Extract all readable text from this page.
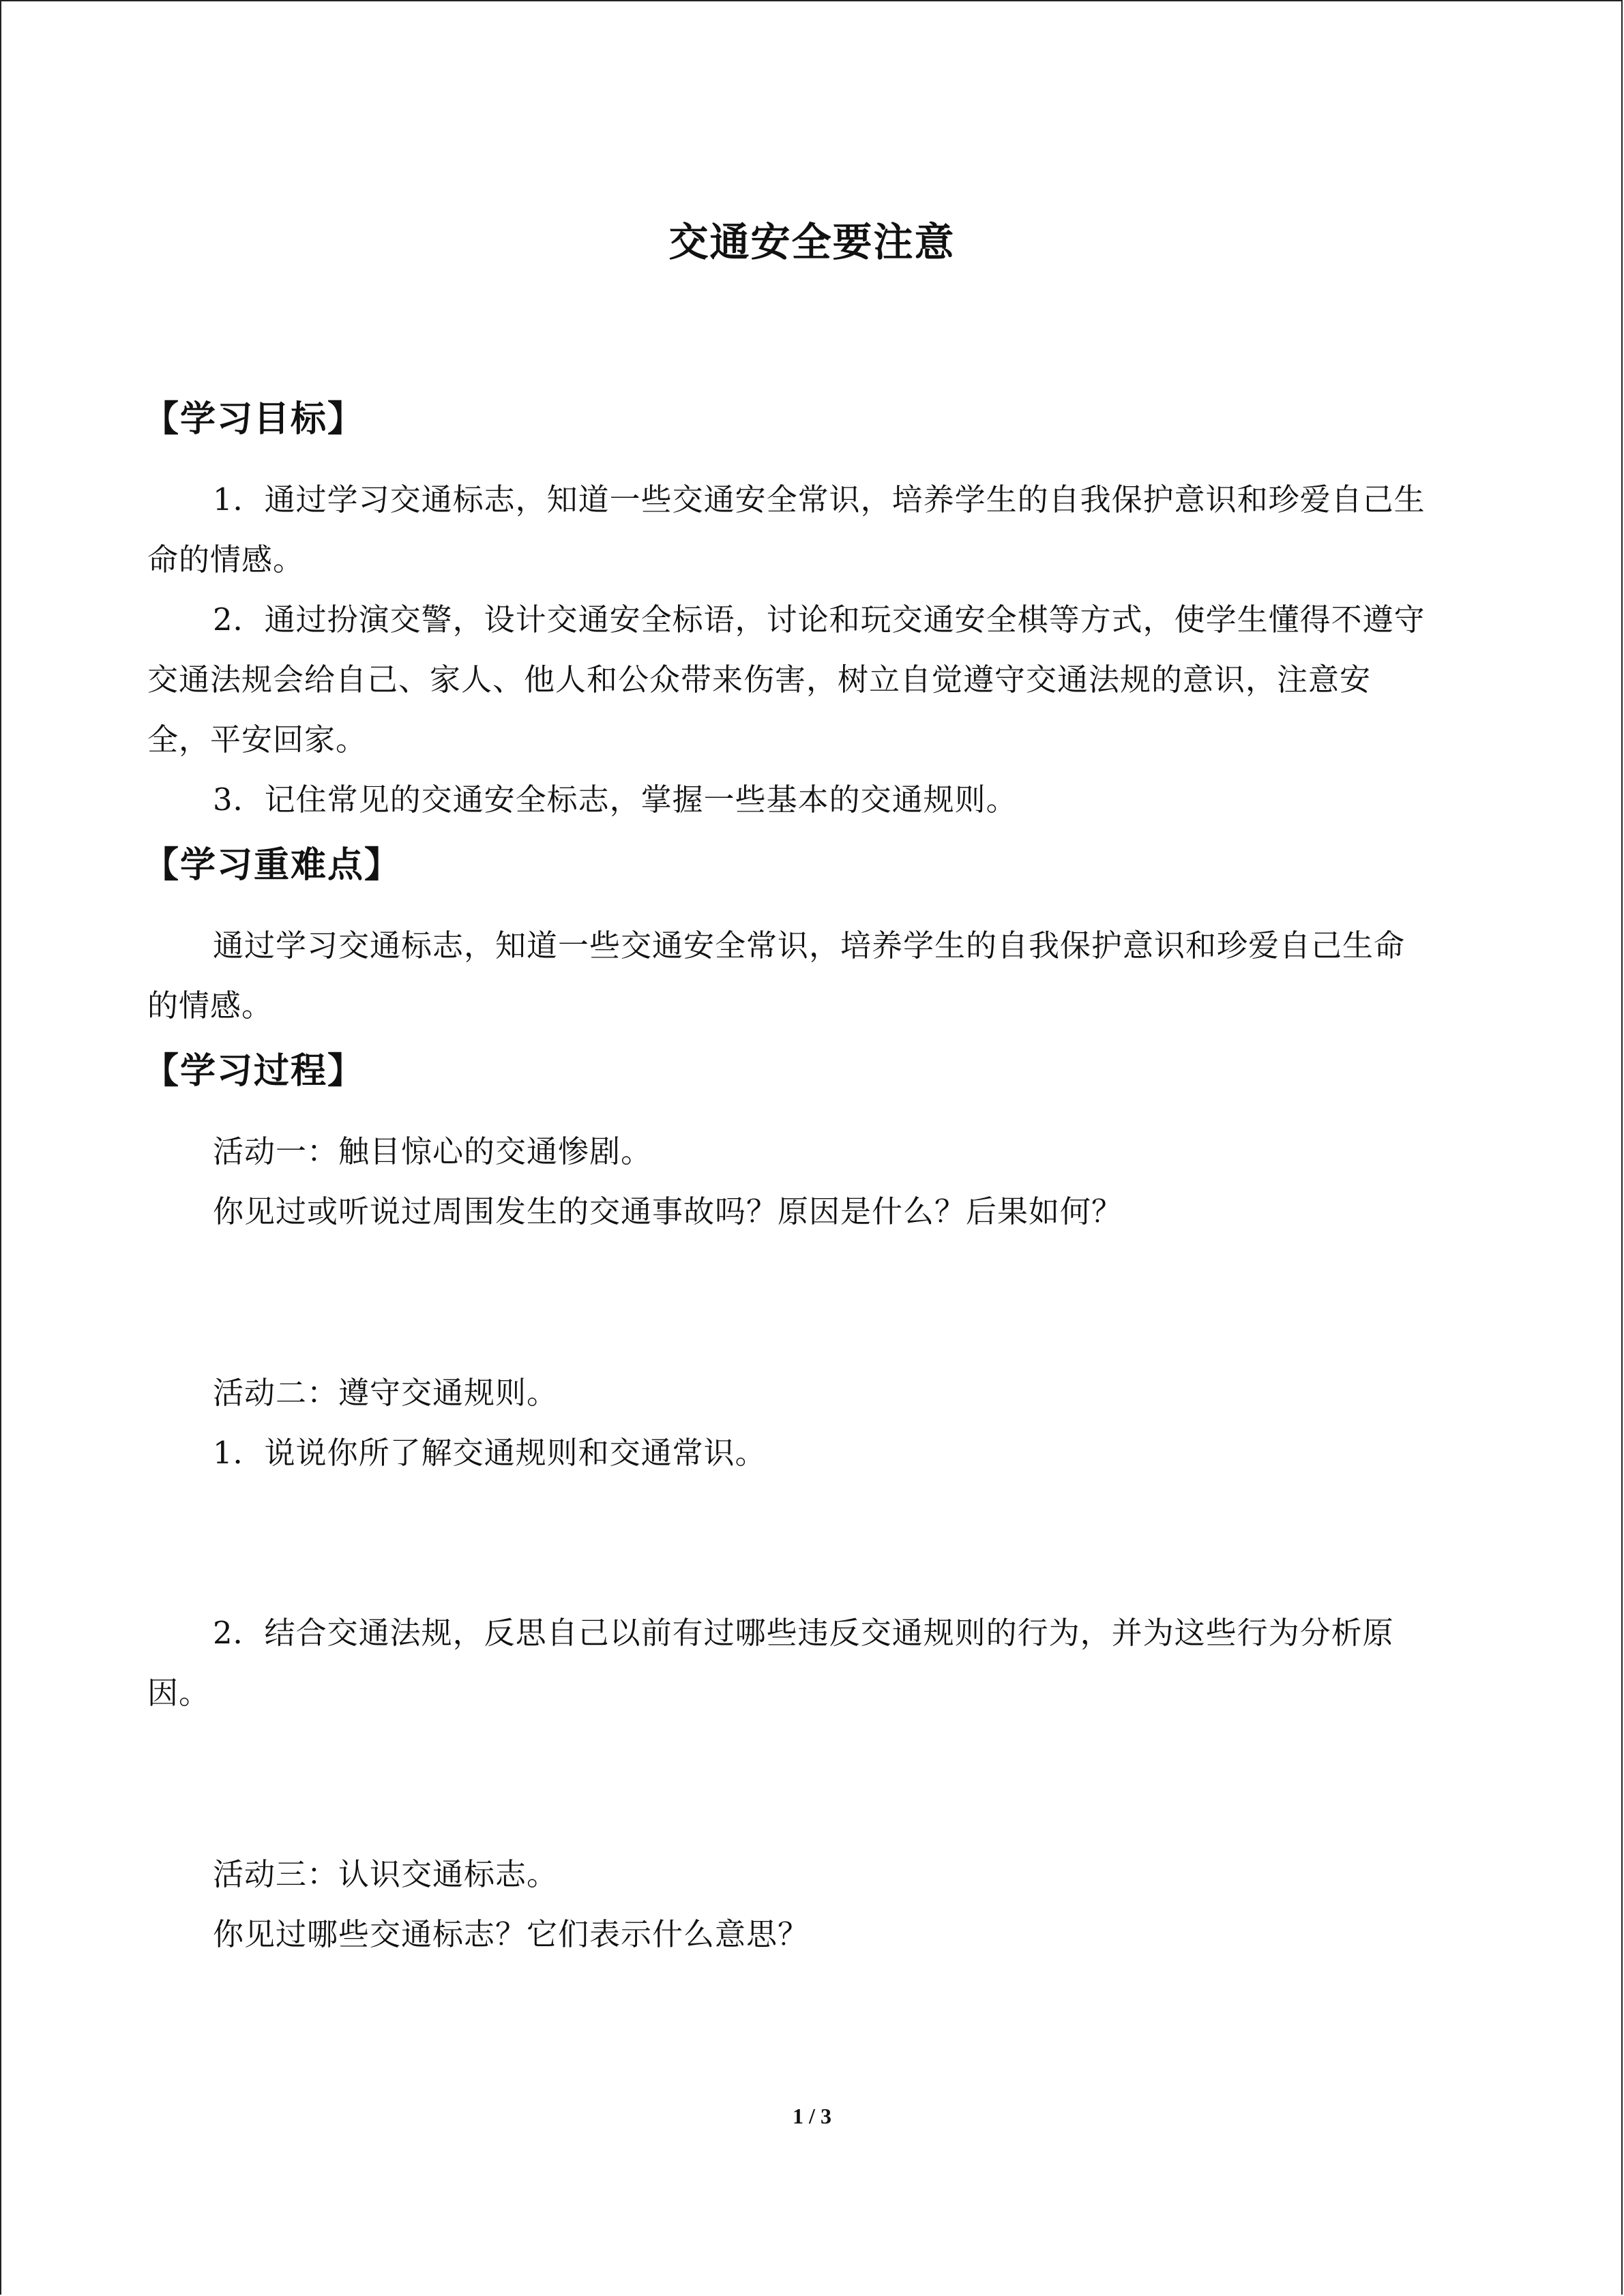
交通安全要注意
【学习目标】
1．通过学习交通标志，知道一些交通安全常识，培养学生的自我保护意识和珍爱自己生
命的情感。
2．通过扮演交警，设计交通安全标语，讨论和玩交通安全棋等方式，使学生懂得不遵守
交通法规会给自己、家人、他人和公众带来伤害，树立自觉遵守交通法规的意识，注意安
全，平安回家。
3．记住常见的交通安全标志，掌握一些基本的交通规则。
【学习重难点】
通过学习交通标志，知道一些交通安全常识，培养学生的自我保护意识和珍爱自己生命
的情感。
【学习过程】
活动一：触目惊心的交通惨剧。
你见过或听说过周围发生的交通事故吗？原因是什么？后果如何？
活动二：遵守交通规则。
1．说说你所了解交通规则和交通常识。
2．结合交通法规，反思自己以前有过哪些违反交通规则的行为，并为这些行为分析原
因。
活动三：认识交通标志。
你见过哪些交通标志？它们表示什么意思？
1 / 3
